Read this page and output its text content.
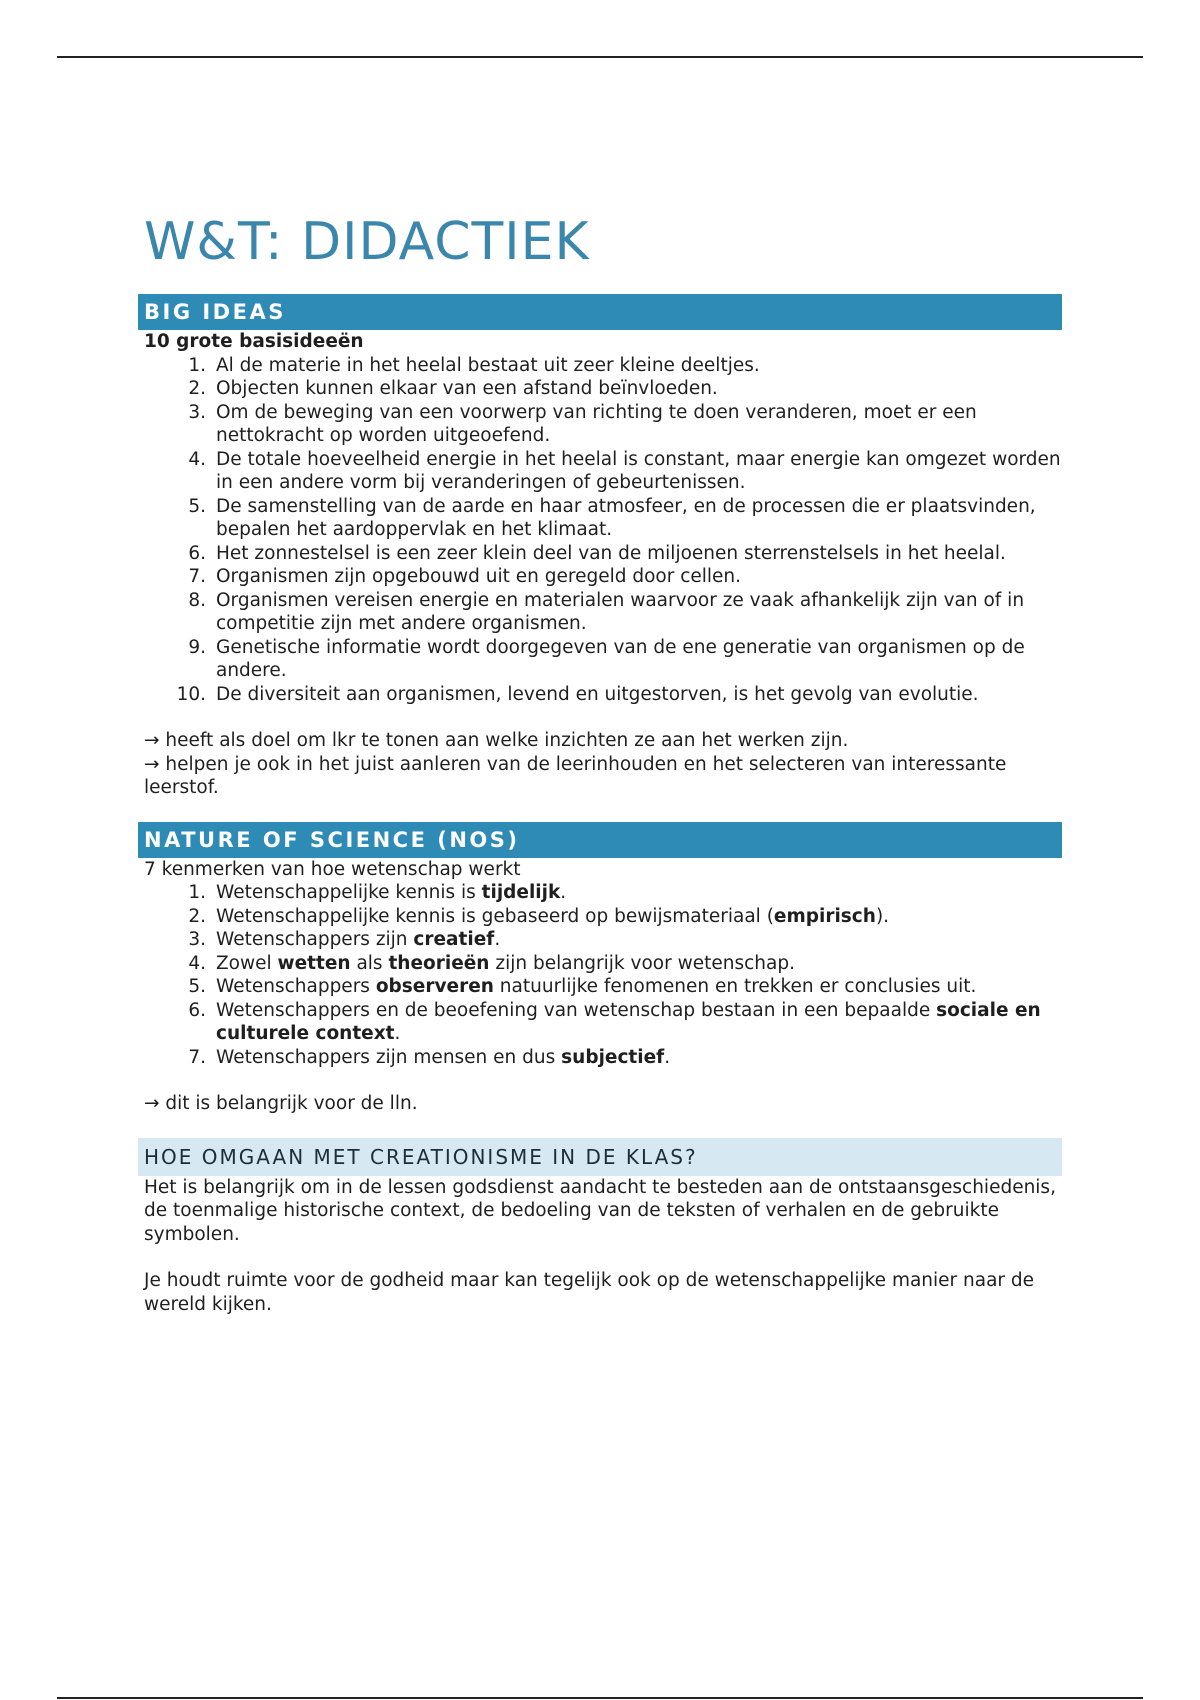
W&T: DIDACTIEK
BIG IDEAS
10 grote basisideeën
1. Al de materie in het heelal bestaat uit zeer kleine deeltjes.
2. Objecten kunnen elkaar van een afstand beïnvloeden.
3. Om de beweging van een voorwerp van richting te doen veranderen, moet er een nettokracht op worden uitgeoefend.
4. De totale hoeveelheid energie in het heelal is constant, maar energie kan omgezet worden in een andere vorm bij veranderingen of gebeurtenissen.
5. De samenstelling van de aarde en haar atmosfeer, en de processen die er plaatsvinden, bepalen het aardoppervlak en het klimaat.
6. Het zonnestelsel is een zeer klein deel van de miljoenen sterrenstelsels in het heelal.
7. Organismen zijn opgebouwd uit en geregeld door cellen.
8. Organismen vereisen energie en materialen waarvoor ze vaak afhankelijk zijn van of in competitie zijn met andere organismen.
9. Genetische informatie wordt doorgegeven van de ene generatie van organismen op de andere.
10. De diversiteit aan organismen, levend en uitgestorven, is het gevolg van evolutie.
→ heeft als doel om lkr te tonen aan welke inzichten ze aan het werken zijn.
→ helpen je ook in het juist aanleren van de leerinhouden en het selecteren van interessante leerstof.
NATURE OF SCIENCE (NOS)
7 kenmerken van hoe wetenschap werkt
1. Wetenschappelijke kennis is tijdelijk.
2. Wetenschappelijke kennis is gebaseerd op bewijsmateriaal (empirisch).
3. Wetenschappers zijn creatief.
4. Zowel wetten als theorieën zijn belangrijk voor wetenschap.
5. Wetenschappers observeren natuurlijke fenomenen en trekken er conclusies uit.
6. Wetenschappers en de beoefening van wetenschap bestaan in een bepaalde sociale en culturele context.
7. Wetenschappers zijn mensen en dus subjectief.
→ dit is belangrijk voor de lln.
HOE OMGAAN MET CREATIONISME IN DE KLAS?
Het is belangrijk om in de lessen godsdienst aandacht te besteden aan de ontstaansgeschiedenis, de toenmalige historische context, de bedoeling van de teksten of verhalen en de gebruikte symbolen.
Je houdt ruimte voor de godheid maar kan tegelijk ook op de wetenschappelijke manier naar de wereld kijken.
